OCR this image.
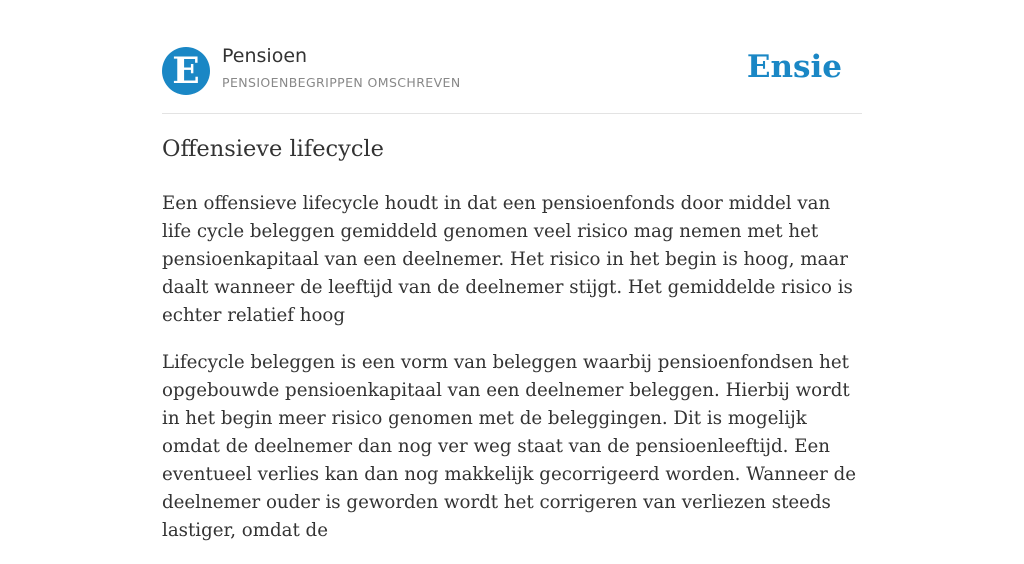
E	Pensioen
PENSIOENBEGRIPPEN OMSCHREVEN	Ensie
Offensieve lifecycle

Een offensieve lifecycle houdt in dat een pensioenfonds door middel van life cycle beleggen gemiddeld genomen veel risico mag nemen met het pensioenkapitaal van een deelnemer. Het risico in het begin is hoog, maar daalt wanneer de leeftijd van de deelnemer stijgt. Het gemiddelde risico is echter relatief hoog

Lifecycle beleggen is een vorm van beleggen waarbij pensioenfondsen het opgebouwde pensioenkapitaal van een deelnemer beleggen. Hierbij wordt in het begin meer risico genomen met de beleggingen. Dit is mogelijk omdat de deelnemer dan nog ver weg staat van de pensioenleeftijd. Een eventueel verlies kan dan nog makkelijk gecorrigeerd worden. Wanneer de deelnemer ouder is geworden wordt het corrigeren van verliezen steeds lastiger, omdat de
